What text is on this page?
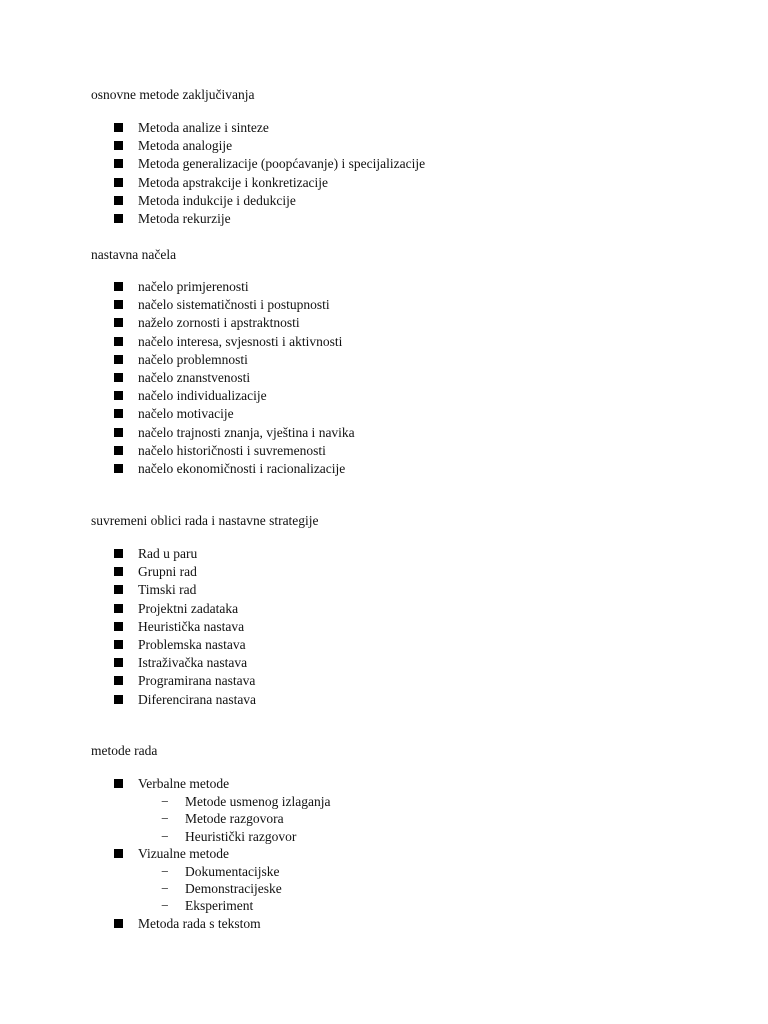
osnovne metode zaključivanja
Metoda analize i sinteze
Metoda analogije
Metoda generalizacije (poopćavanje) i specijalizacije
Metoda apstrakcije i konkretizacije
Metoda indukcije i dedukcije
Metoda rekurzije
nastavna načela
načelo primjerenosti
načelo sistematičnosti i postupnosti
naželo zornosti i apstraktnosti
načelo interesa, svjesnosti i aktivnosti
načelo problemnosti
načelo znanstvenosti
načelo individualizacije
načelo motivacije
načelo trajnosti znanja, vještina i navika
načelo historičnosti i suvremenosti
načelo ekonomičnosti i racionalizacije
suvremeni oblici rada i nastavne strategije
Rad u paru
Grupni rad
Timski rad
Projektni zadataka
Heuristička nastava
Problemska nastava
Istraživačka nastava
Programirana nastava
Diferencirana nastava
metode rada
Verbalne metode
− Metode usmenog izlaganja
− Metode razgovora
− Heuristički razgovor
Vizualne metode
− Dokumentacijske
− Demonstracijeske
− Eksperiment
Metoda rada s tekstom
